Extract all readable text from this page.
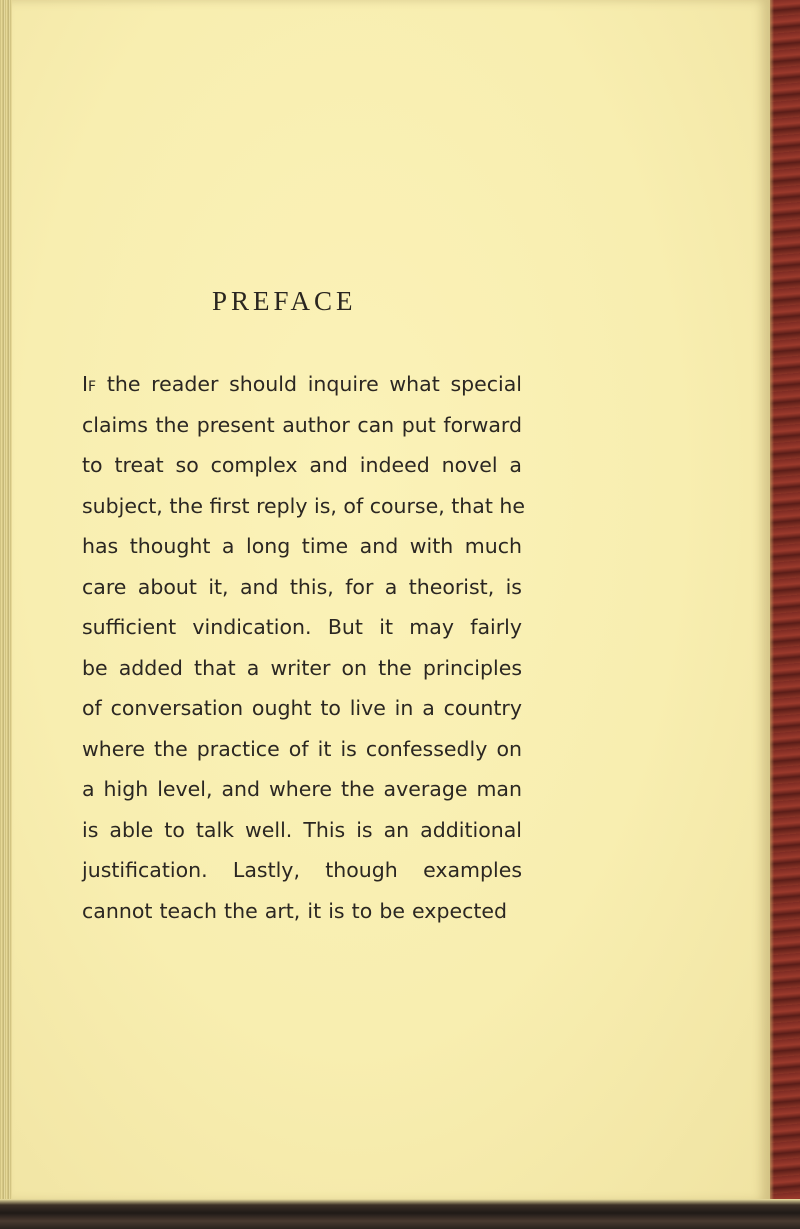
PREFACE
If the reader should inquire what special
claims the present author can put forward
to treat so complex and indeed novel a
subject, the first reply is, of course, that he
has thought a long time and with much
care about it, and this, for a theorist, is
sufficient vindication. But it may fairly
be added that a writer on the principles
of conversation ought to live in a country
where the practice of it is confessedly on
a high level, and where the average man
is able to talk well. This is an additional
justification. Lastly, though examples
cannot teach the art, it is to be expected
